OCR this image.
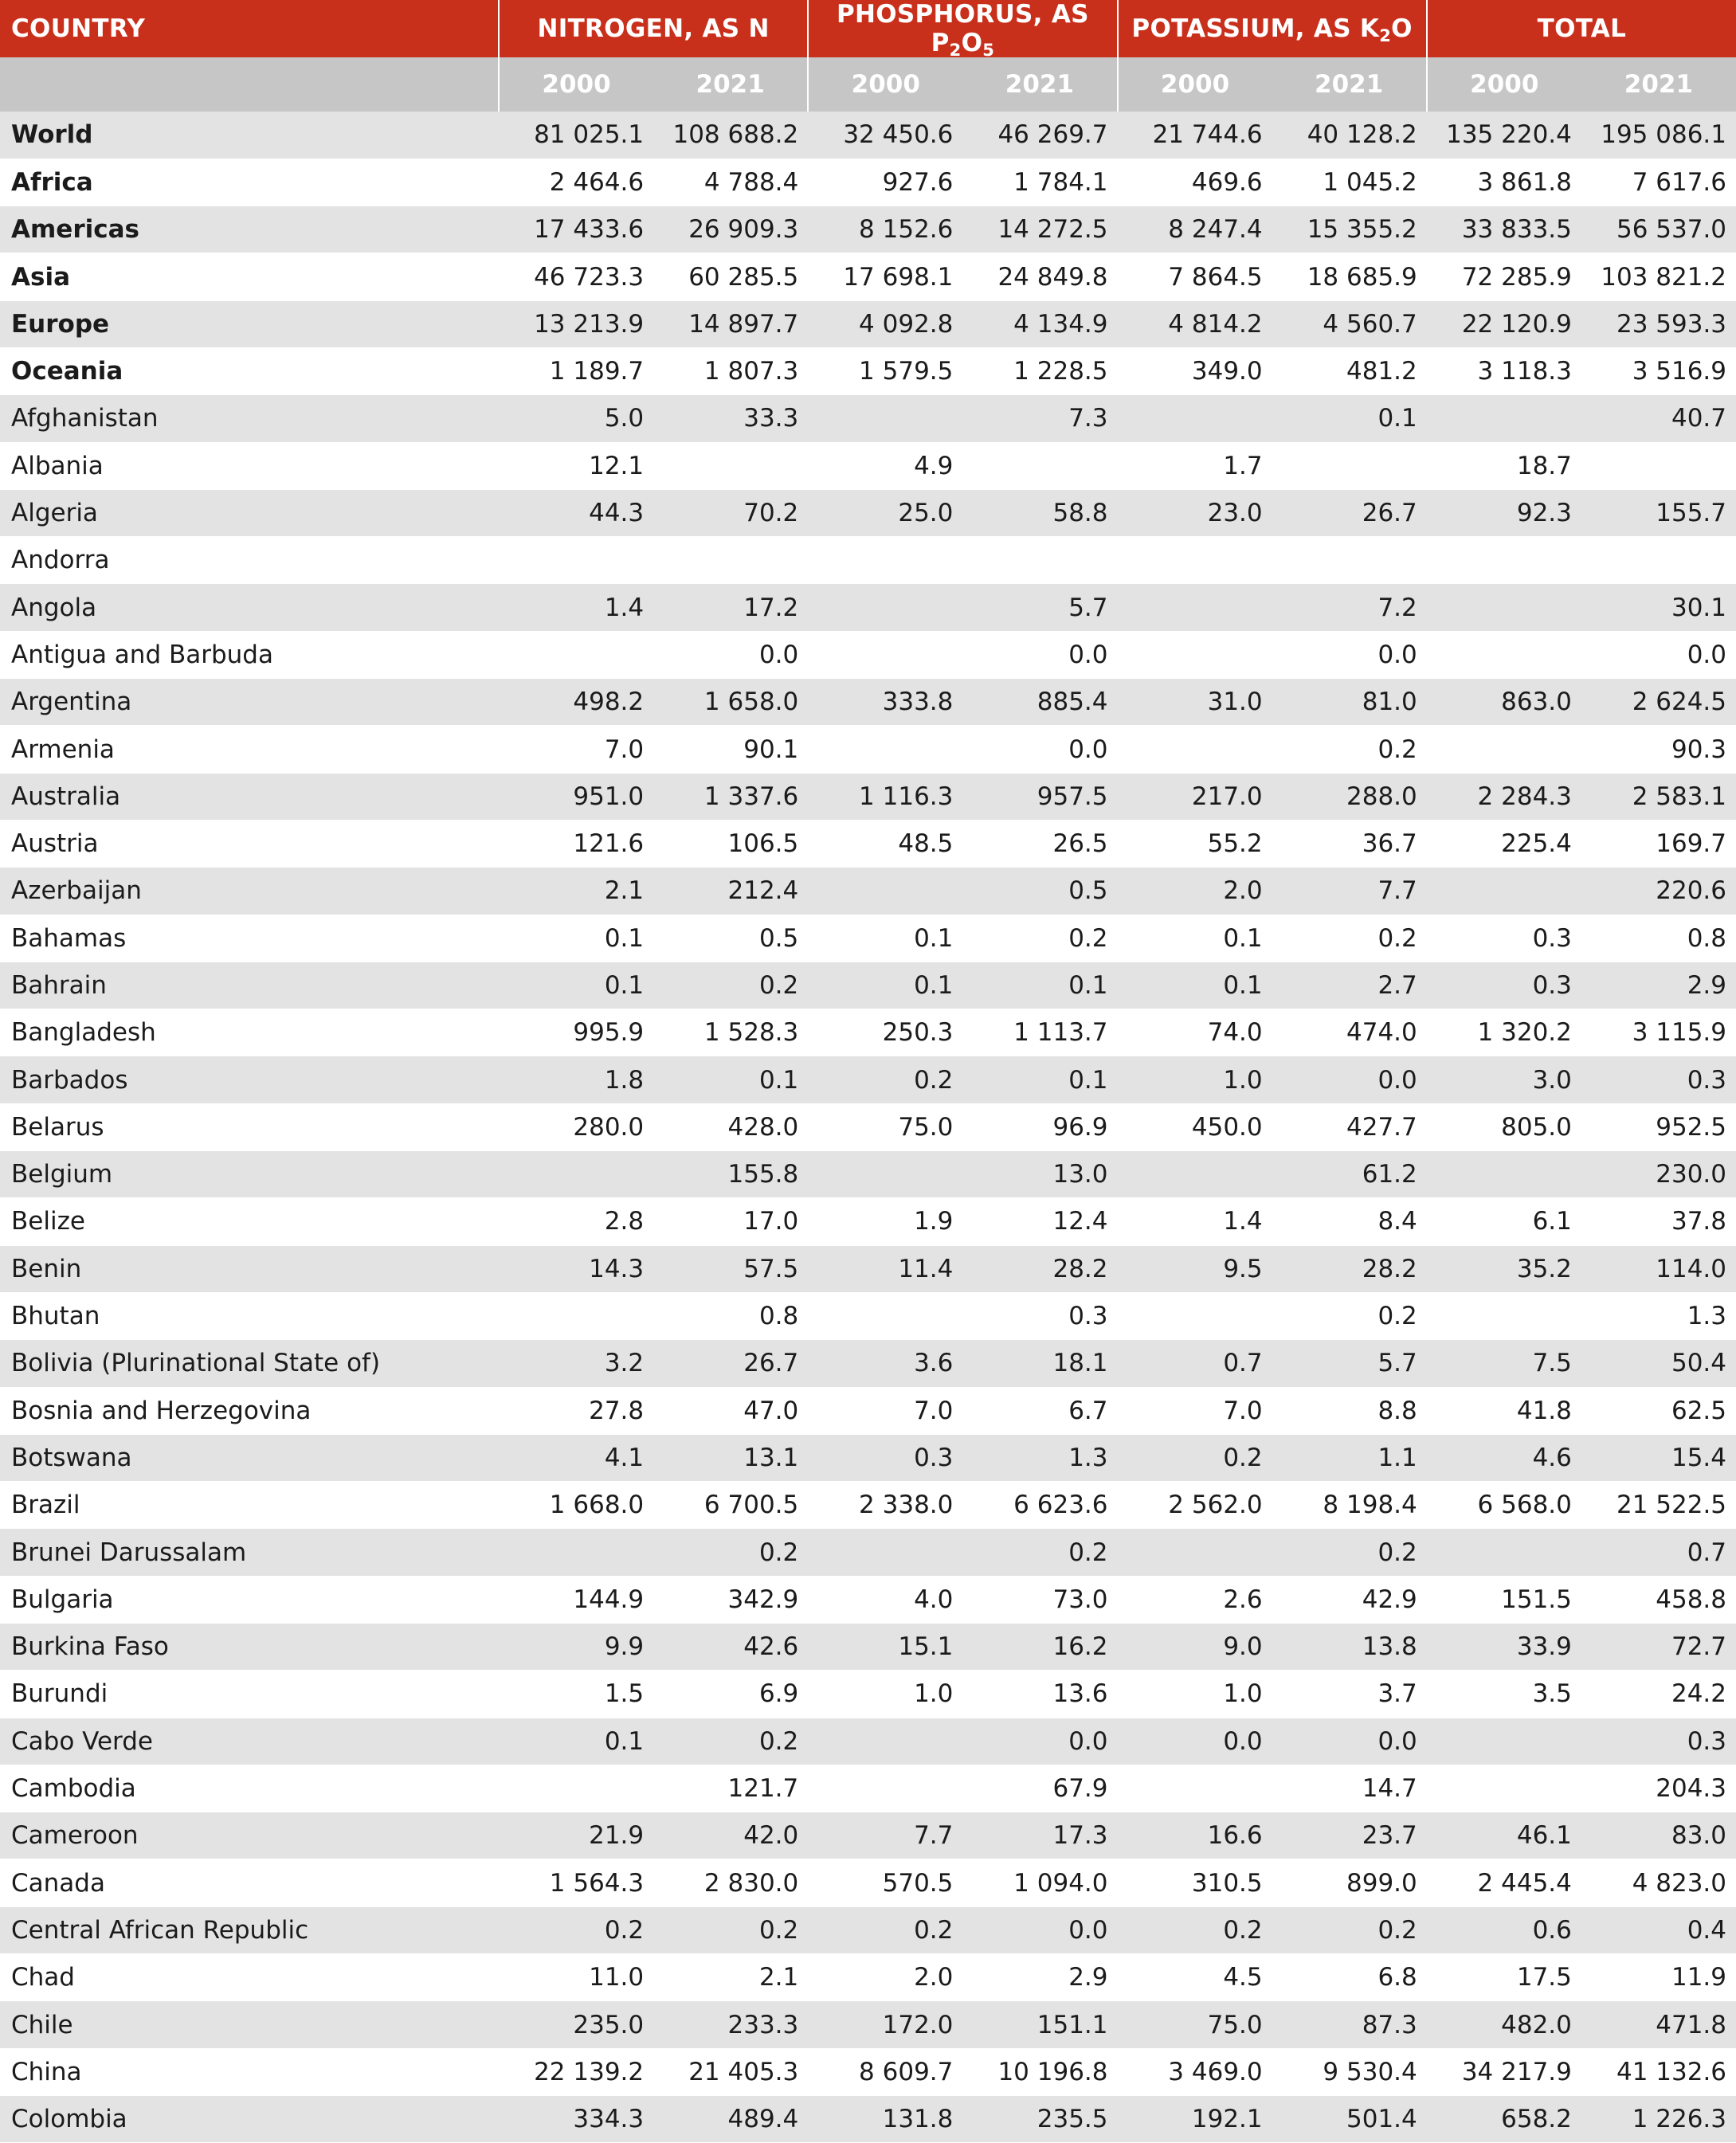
COUNTRY	NITROGEN, AS N		PHOSPHORUS, AS $P_2O_5$		POTASSIUM, AS $K_2O$		TOTAL	
	2000	2021	2000	2021	2000	2021	2000	2021
World	81 025.1	108 688.2	32 450.6	46 269.7	21 744.6	40 128.2	135 220.4	195 086.1
Africa	2 464.6	4 788.4	927.6	1 784.1	469.6	1 045.2	3 861.8	7 617.6
Americas	17 433.6	26 909.3	8 152.6	14 272.5	8 247.4	15 355.2	33 833.5	56 537.0
Asia	46 723.3	60 285.5	17 698.1	24 849.8	7 864.5	18 685.9	72 285.9	103 821.2
Europe	13 213.9	14 897.7	4 092.8	4 134.9	4 814.2	4 560.7	22 120.9	23 593.3
Oceania	1 189.7	1 807.3	1 579.5	1 228.5	349.0	481.2	3 118.3	3 516.9
Afghanistan	5.0	33.3		7.3		0.1		40.7
Albania	12.1		4.9		1.7		18.7	
Algeria	44.3	70.2	25.0	58.8	23.0	26.7	92.3	155.7
Andorra								
Angola	1.4	17.2		5.7		7.2		30.1
Antigua and Barbuda		0.0		0.0		0.0		0.0
Argentina	498.2	1 658.0	333.8	885.4	31.0	81.0	863.0	2 624.5
Armenia	7.0	90.1		0.0		0.2		90.3
Australia	951.0	1 337.6	1 116.3	957.5	217.0	288.0	2 284.3	2 583.1
Austria	121.6	106.5	48.5	26.5	55.2	36.7	225.4	169.7
Azerbaijan	2.1	212.4		0.5	2.0	7.7		220.6
Bahamas	0.1	0.5	0.1	0.2	0.1	0.2	0.3	0.8
Bahrain	0.1	0.2	0.1	0.1	0.1	2.7	0.3	2.9
Bangladesh	995.9	1 528.3	250.3	1 113.7	74.0	474.0	1 320.2	3 115.9
Barbados	1.8	0.1	0.2	0.1	1.0	0.0	3.0	0.3
Belarus	280.0	428.0	75.0	96.9	450.0	427.7	805.0	952.5
Belgium		155.8		13.0		61.2		230.0
Belize	2.8	17.0	1.9	12.4	1.4	8.4	6.1	37.8
Benin	14.3	57.5	11.4	28.2	9.5	28.2	35.2	114.0
Bhutan		0.8		0.3		0.2		1.3
Bolivia (Plurinational State of)	3.2	26.7	3.6	18.1	0.7	5.7	7.5	50.4
Bosnia and Herzegovina	27.8	47.0	7.0	6.7	7.0	8.8	41.8	62.5
Botswana	4.1	13.1	0.3	1.3	0.2	1.1	4.6	15.4
Brazil	1 668.0	6 700.5	2 338.0	6 623.6	2 562.0	8 198.4	6 568.0	21 522.5
Brunei Darussalam		0.2		0.2		0.2		0.7
Bulgaria	144.9	342.9	4.0	73.0	2.6	42.9	151.5	458.8
Burkina Faso	9.9	42.6	15.1	16.2	9.0	13.8	33.9	72.7
Burundi	1.5	6.9	1.0	13.6	1.0	3.7	3.5	24.2
Cabo Verde	0.1	0.2		0.0	0.0	0.0		0.3
Cambodia		121.7		67.9		14.7		204.3
Cameroon	21.9	42.0	7.7	17.3	16.6	23.7	46.1	83.0
Canada	1 564.3	2 830.0	570.5	1 094.0	310.5	899.0	2 445.4	4 823.0
Central African Republic	0.2	0.2	0.2	0.0	0.2	0.2	0.6	0.4
Chad	11.0	2.1	2.0	2.9	4.5	6.8	17.5	11.9
Chile	235.0	233.3	172.0	151.1	75.0	87.3	482.0	471.8
China	22 139.2	21 405.3	8 609.7	10 196.8	3 469.0	9 530.4	34 217.9	41 132.6
Colombia	334.3	489.4	131.8	235.5	192.1	501.4	658.2	1 226.3
